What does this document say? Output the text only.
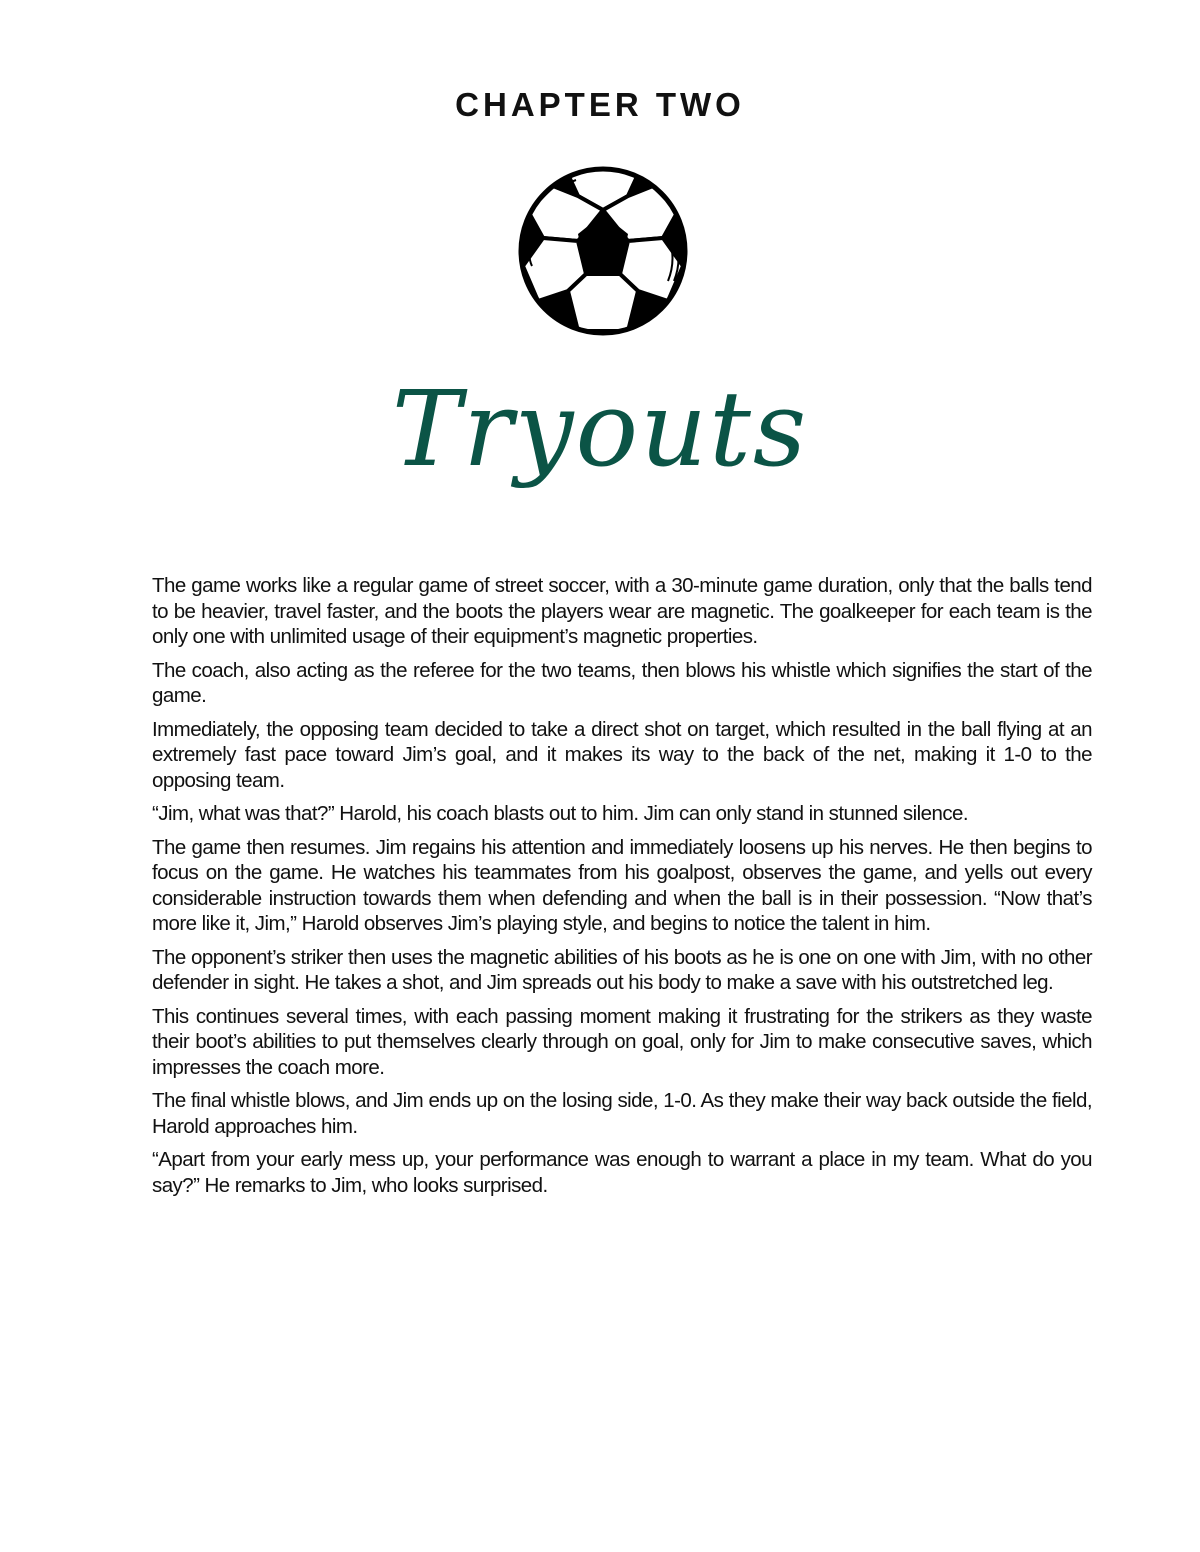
CHAPTER TWO
Tryouts

The game works like a regular game of street soccer, with a 30-minute game duration, only that the balls tend to be heavier, travel faster, and the boots the players wear are magnetic. The goalkeeper for each team is the only one with unlimited usage of their equipment’s magnetic properties.

The coach, also acting as the referee for the two teams, then blows his whistle which signifies the start of the game.

Immediately, the opposing team decided to take a direct shot on target, which resulted in the ball flying at an extremely fast pace toward Jim’s goal, and it makes its way to the back of the net, making it 1-0 to the opposing team.

“Jim, what was that?” Harold, his coach blasts out to him. Jim can only stand in stunned silence.

The game then resumes. Jim regains his attention and immediately loosens up his nerves. He then begins to focus on the game. He watches his teammates from his goalpost, observes the game, and yells out every considerable instruction towards them when defending and when the ball is in their possession. “Now that’s more like it, Jim,” Harold observes Jim’s playing style, and begins to notice the talent in him.

The opponent’s striker then uses the magnetic abilities of his boots as he is one on one with Jim, with no other defender in sight. He takes a shot, and Jim spreads out his body to make a save with his outstretched leg.

This continues several times, with each passing moment making it frustrating for the strikers as they waste their boot’s abilities to put themselves clearly through on goal, only for Jim to make consecutive saves, which impresses the coach more.

The final whistle blows, and Jim ends up on the losing side, 1-0. As they make their way back outside the field, Harold approaches him.

“Apart from your early mess up, your performance was enough to warrant a place in my team. What do you say?” He remarks to Jim, who looks surprised.
